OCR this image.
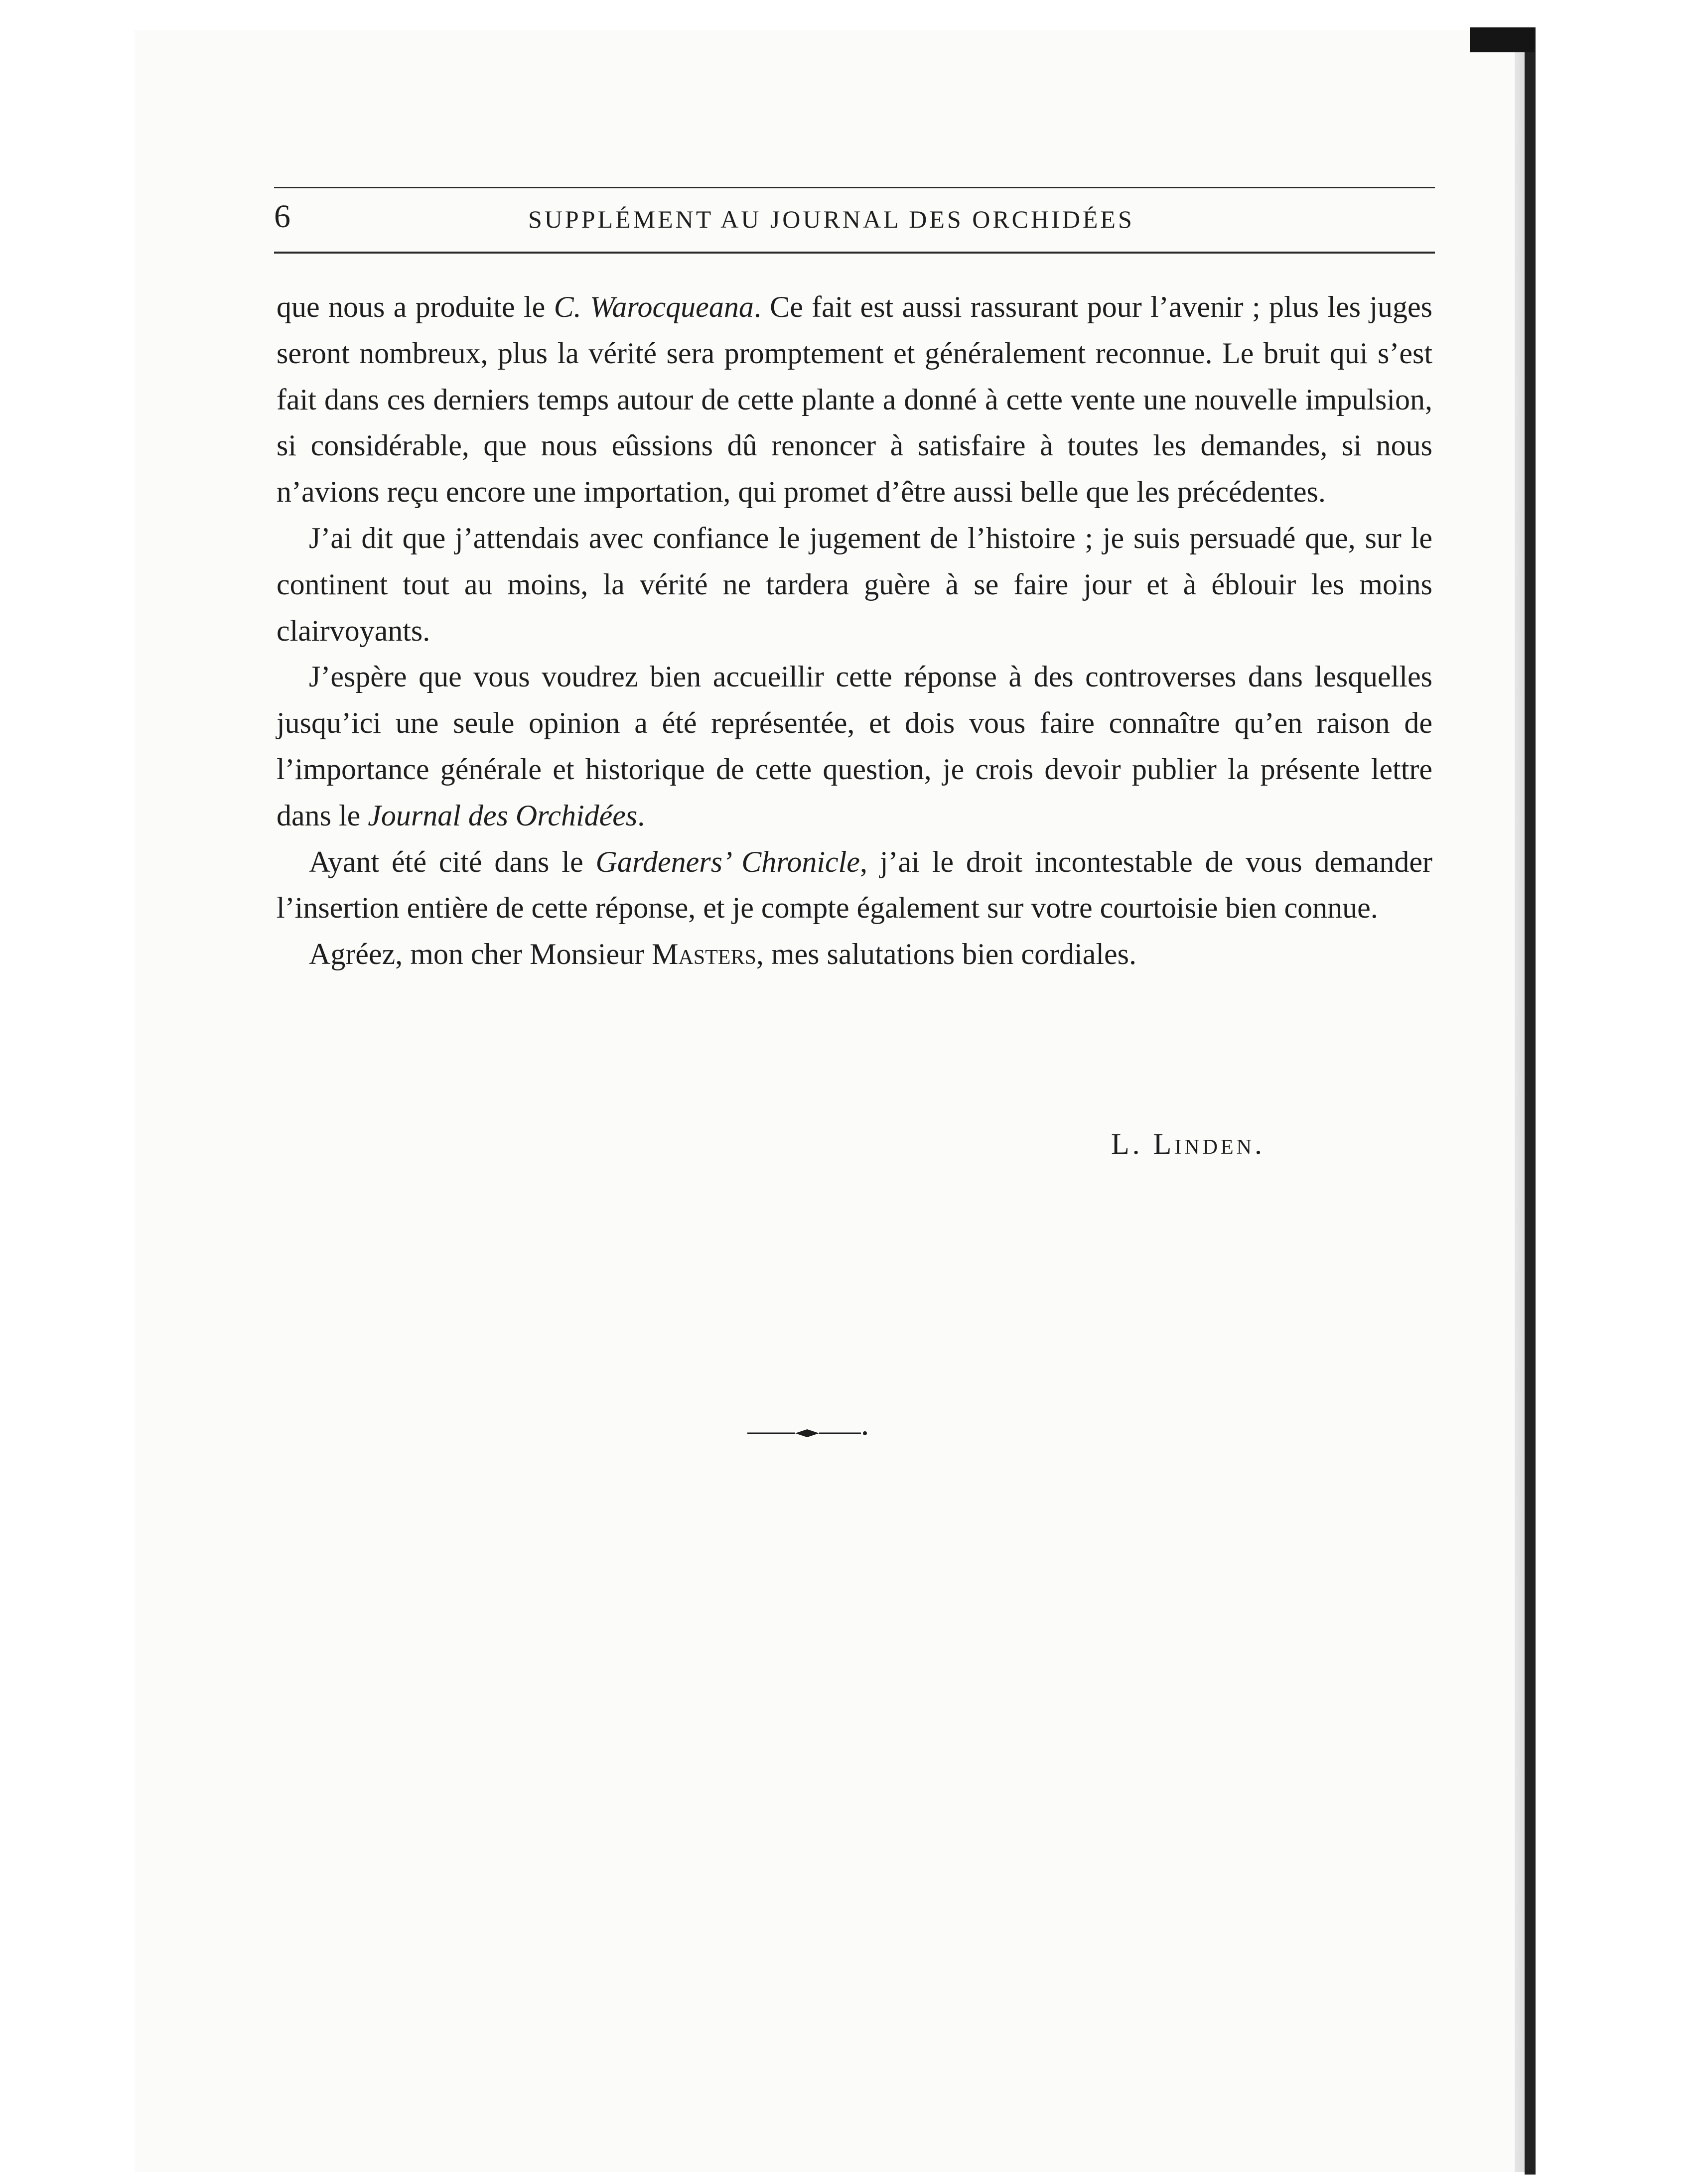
6	SUPPLÉMENT AU JOURNAL DES ORCHIDÉES

que nous a produite le C. Warocqueana. Ce fait est aussi rassurant pour l’avenir ; plus les juges seront nombreux, plus la vérité sera promptement et généralement reconnue. Le bruit qui s’est fait dans ces derniers temps autour de cette plante a donné à cette vente une nouvelle impulsion, si considérable, que nous eûssions dû renoncer à satisfaire à toutes les demandes, si nous n’avions reçu encore une importation, qui promet d’être aussi belle que les précédentes.

J’ai dit que j’attendais avec confiance le jugement de l’histoire ; je suis persuadé que, sur le continent tout au moins, la vérité ne tardera guère à se faire jour et à éblouir les moins clairvoyants.

J’espère que vous voudrez bien accueillir cette réponse à des controverses dans lesquelles jusqu’ici une seule opinion a été représentée, et dois vous faire connaître qu’en raison de l’importance générale et historique de cette question, je crois devoir publier la présente lettre dans le Journal des Orchidées.

Ayant été cité dans le Gardeners’ Chronicle, j’ai le droit incontestable de vous demander l’insertion entière de cette réponse, et je compte également sur votre courtoisie bien connue.

Agréez, mon cher Monsieur Masters, mes salutations bien cordiales.

L. Linden.
